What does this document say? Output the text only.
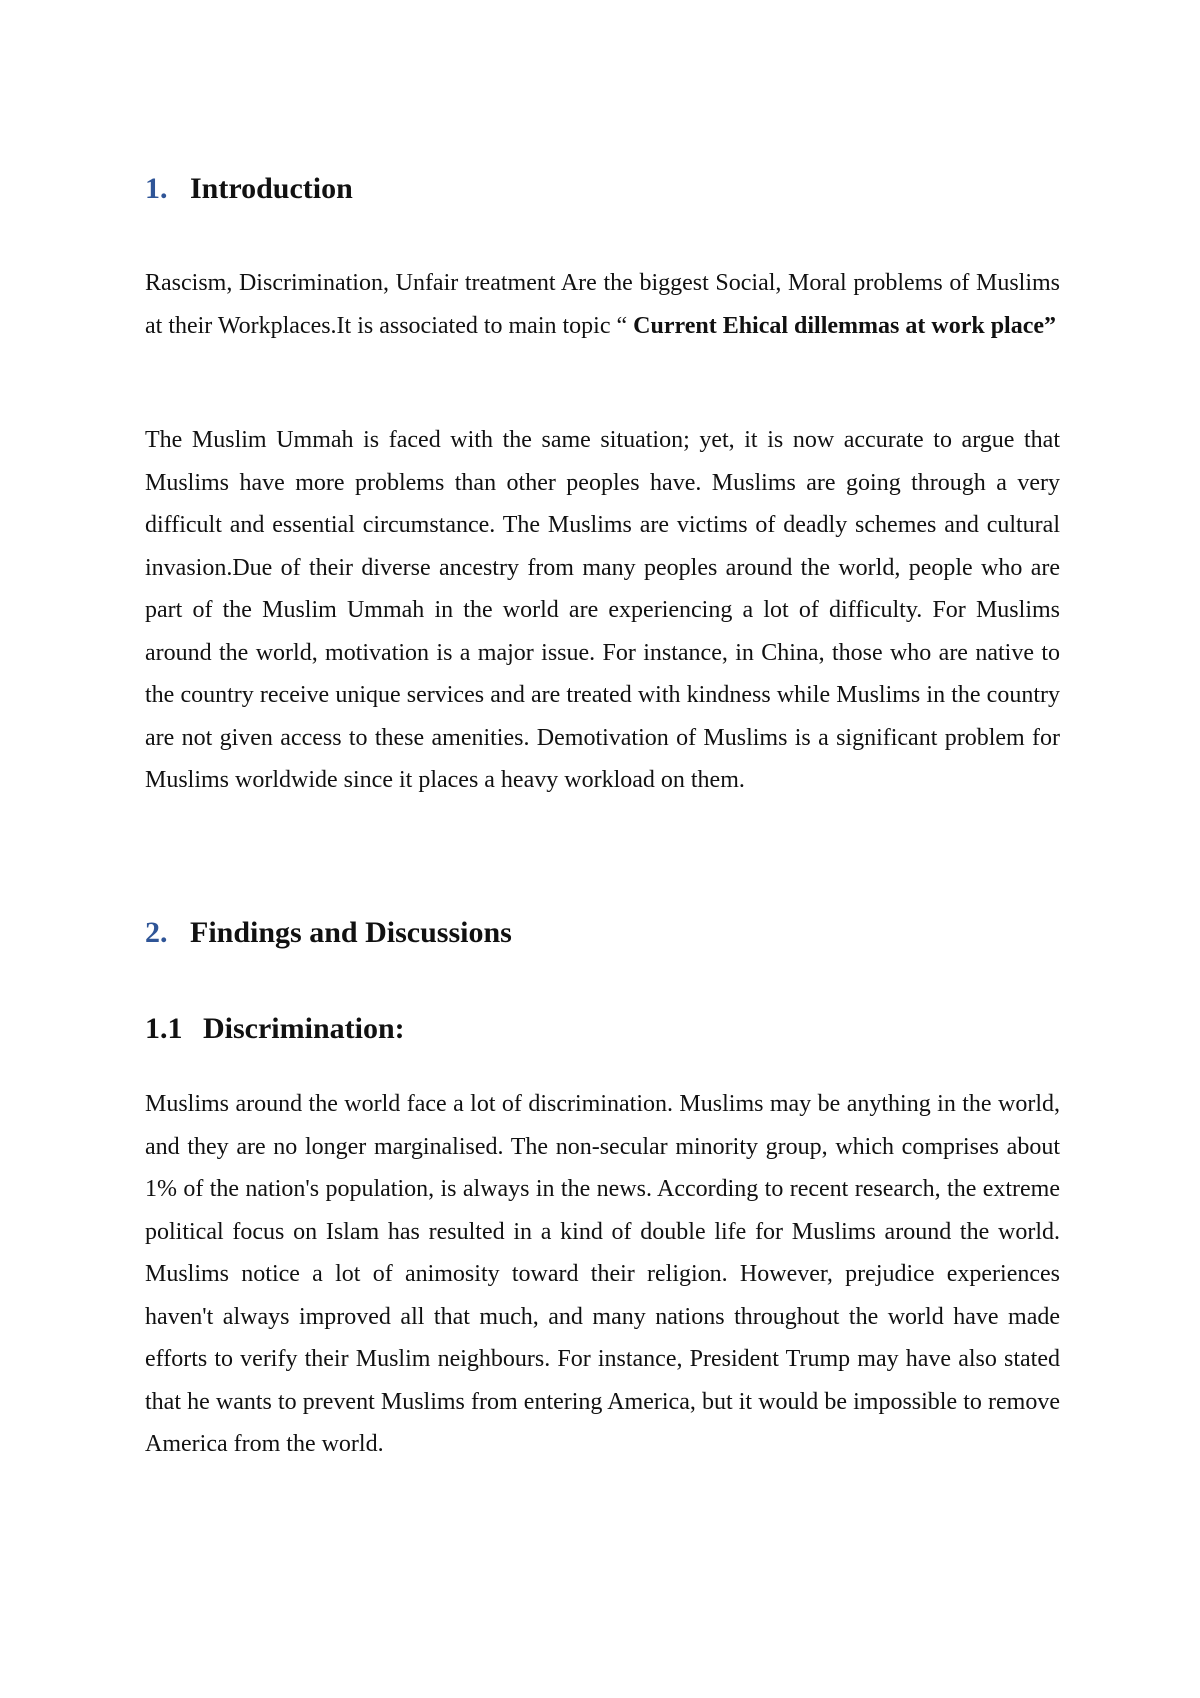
1. Introduction

Rascism, Discrimination, Unfair treatment Are the biggest Social, Moral problems of Muslims at their Workplaces.It is associated to main topic “ Current Ehical dillemmas at work place”

The Muslim Ummah is faced with the same situation; yet, it is now accurate to argue that Muslims have more problems than other peoples have. Muslims are going through a very difficult and essential circumstance. The Muslims are victims of deadly schemes and cultural invasion.Due of their diverse ancestry from many peoples around the world, people who are part of the Muslim Ummah in the world are experiencing a lot of difficulty. For Muslims around the world, motivation is a major issue. For instance, in China, those who are native to the country receive unique services and are treated with kindness while Muslims in the country are not given access to these amenities. Demotivation of Muslims is a significant problem for Muslims worldwide since it places a heavy workload on them.

2. Findings and Discussions
1.1 Discrimination:

Muslims around the world face a lot of discrimination. Muslims may be anything in the world, and they are no longer marginalised. The non-secular minority group, which comprises about 1% of the nation's population, is always in the news. According to recent research, the extreme political focus on Islam has resulted in a kind of double life for Muslims around the world. Muslims notice a lot of animosity toward their religion. However, prejudice experiences haven't always improved all that much, and many nations throughout the world have made efforts to verify their Muslim neighbours. For instance, President Trump may have also stated that he wants to prevent Muslims from entering America, but it would be impossible to remove America from the world.
